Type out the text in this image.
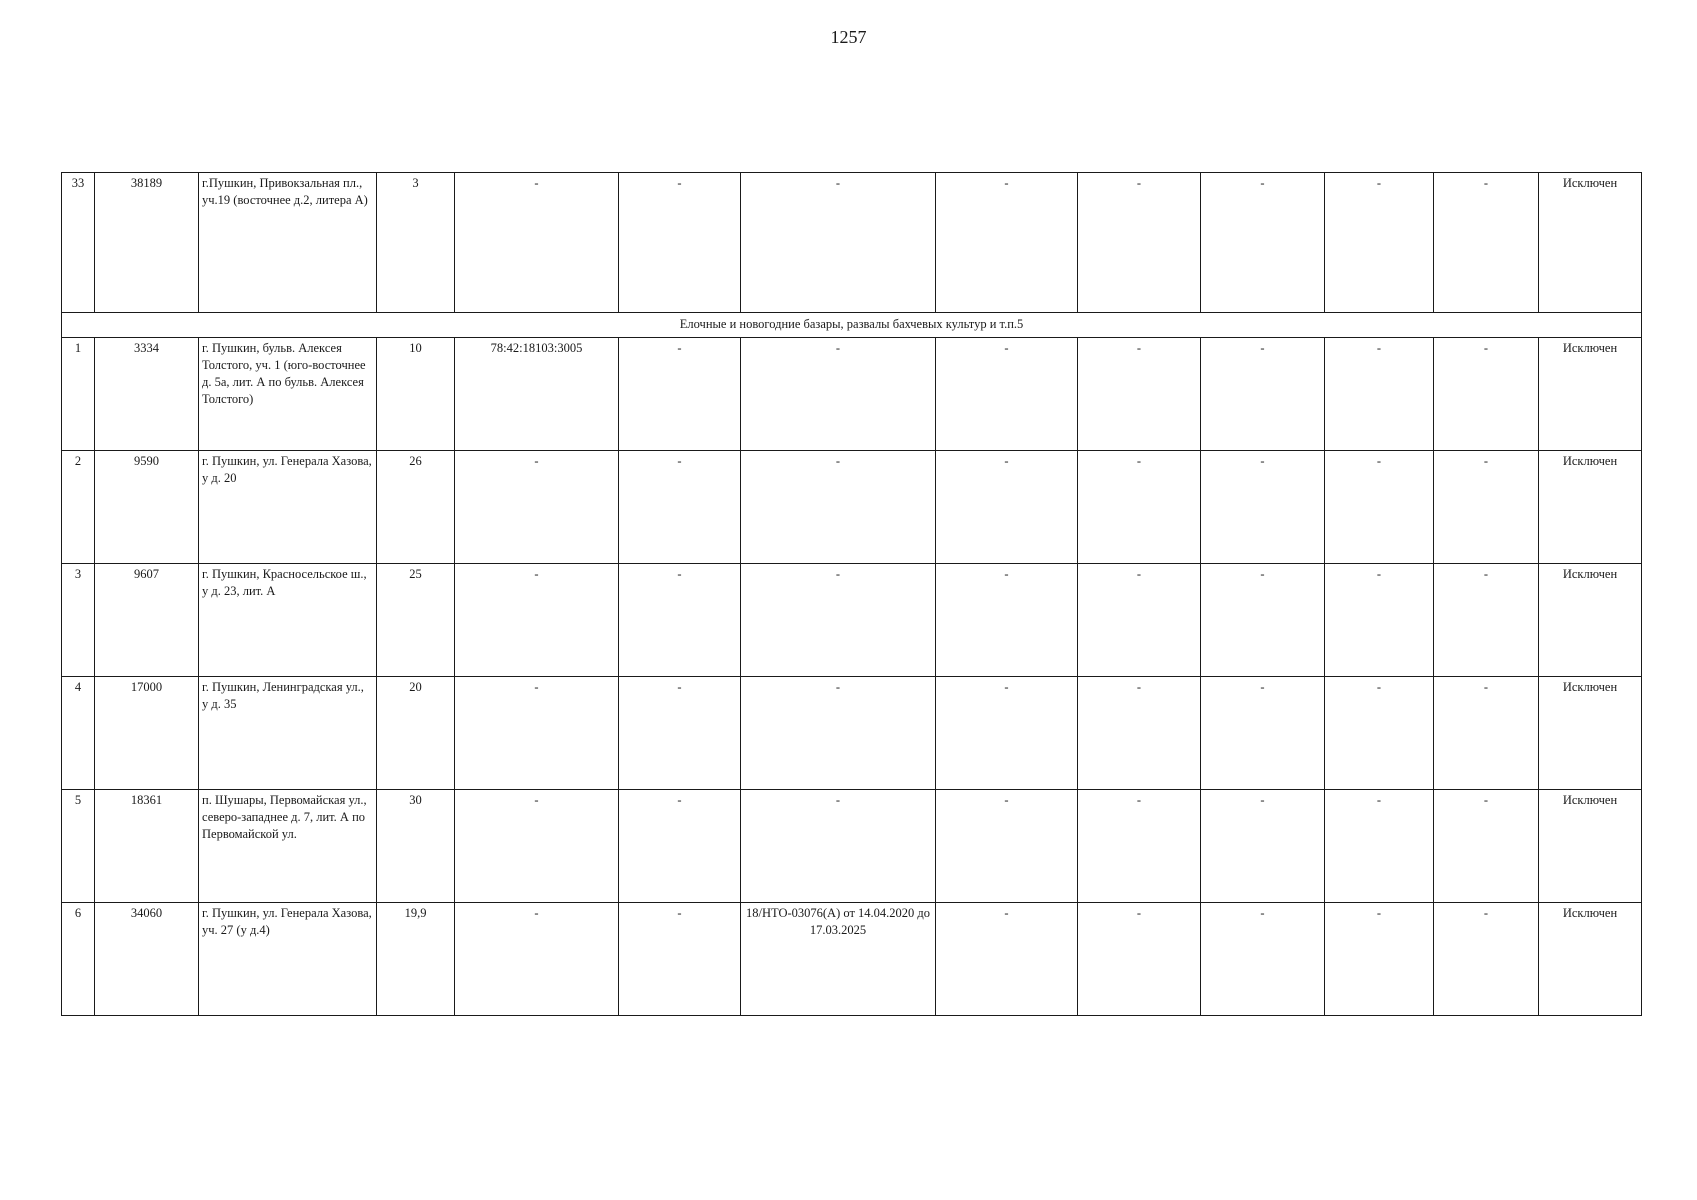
1257
33	38189	г.Пушкин, Привокзальная пл., уч.19 (восточнее д.2, литера А)	3	-	-	-	-	-	-	-	-	Исключен
Елочные и новогодние базары, развалы бахчевых культур и т.п.5												
1	3334	г. Пушкин, бульв. Алексея Толстого, уч. 1 (юго-восточнее д. 5а, лит. А по бульв. Алексея Толстого)	10	78:42:18103:3005	-	-	-	-	-	-	-	Исключен
2	9590	г. Пушкин, ул. Генерала Хазова, у д. 20	26	-	-	-	-	-	-	-	-	Исключен
3	9607	г. Пушкин, Красносельское ш., у д. 23, лит. А	25	-	-	-	-	-	-	-	-	Исключен
4	17000	г. Пушкин, Ленинградская ул., у д. 35	20	-	-	-	-	-	-	-	-	Исключен
5	18361	п. Шушары, Первомайская ул., северо-западнее д. 7, лит. А по Первомайской ул.	30	-	-	-	-	-	-	-	-	Исключен
6	34060	г. Пушкин, ул. Генерала Хазова, уч. 27 (у д.4)	19,9	-	-	18/НТО-03076(А) от 14.04.2020 до 17.03.2025	-	-	-	-	-	Исключен
